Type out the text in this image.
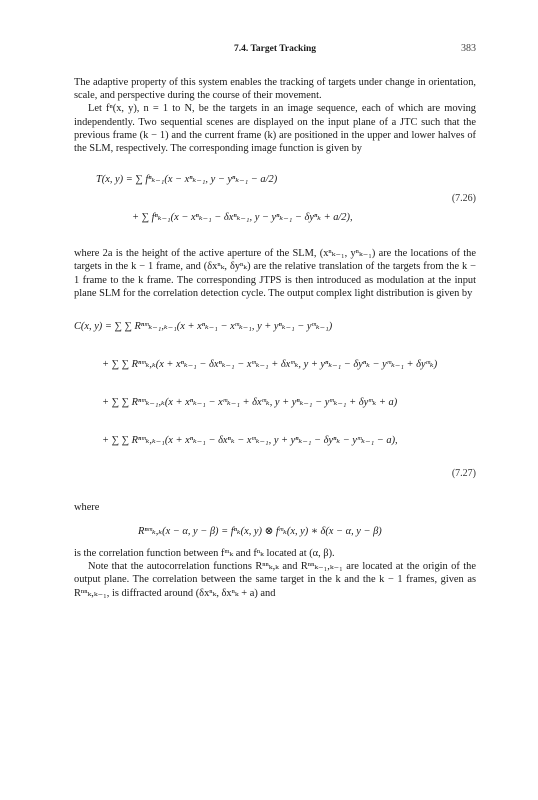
7.4. Target Tracking	383

The adaptive property of this system enables the tracking of targets under change in orientation, scale, and perspective during the course of their movement.

Let fⁿ(x, y), n = 1 to N, be the targets in an image sequence, each of which are moving independently. Two sequential scenes are displayed on the input plane of a JTC such that the previous frame (k − 1) and the current frame (k) are positioned in the upper and lower halves of the SLM, respectively. The corresponding image function is given by

T(x, y) = ∑ fⁿₖ₋₁(x − xⁿₖ₋₁, y − yⁿₖ₋₁ − a/2)
+ ∑ fⁿₖ₋₁(x − xⁿₖ₋₁ − δxⁿₖ₋₁, y − yⁿₖ₋₁ − δyⁿₖ + a/2),
(7.26)

where 2a is the height of the active aperture of the SLM, (xⁿₖ₋₁, yⁿₖ₋₁) are the locations of the targets in the k − 1 frame, and (δxⁿₖ, δyⁿₖ) are the relative translation of the targets from the k − 1 frame to the k frame. The corresponding JTPS is then introduced as modulation at the input plane SLM for the correlation detection cycle. The output complex light distribution is given by

C(x, y) = ∑ ∑ Rⁿᵐₖ₋₁,ₖ₋₁(x + xⁿₖ₋₁ − xᵐₖ₋₁, y + yⁿₖ₋₁ − yᵐₖ₋₁)
+ ∑ ∑ Rⁿᵐₖ,ₖ(x + xⁿₖ₋₁ − δxⁿₖ₋₁ − xᵐₖ₋₁ + δxᵐₖ, y + yⁿₖ₋₁ − δyⁿₖ − yᵐₖ₋₁ + δyᵐₖ)
+ ∑ ∑ Rⁿᵐₖ₋₁,ₖ(x + xⁿₖ₋₁ − xᵐₖ₋₁ + δxᵐₖ, y + yⁿₖ₋₁ − yᵐₖ₋₁ + δyᵐₖ + a)
+ ∑ ∑ Rⁿᵐₖ,ₖ₋₁(x + xⁿₖ₋₁ − δxⁿₖ − xᵐₖ₋₁, y + yⁿₖ₋₁ − δyⁿₖ − yᵐₖ₋₁ − a),
(7.27)
where
Rⁿᵐₖ,ₖ(x − α, y − β) = fⁿₖ(x, y) ⊗ fᵐₖ(x, y) ∗ δ(x − α, y − β)

is the correlation function between fᵐₖ and fⁿₖ located at (α, β).

Note that the autocorrelation functions Rⁿⁿₖ,ₖ and Rⁿⁿₖ₋₁,ₖ₋₁ are located at the origin of the output plane. The correlation between the same target in the k and the k − 1 frames, given as Rⁿⁿₖ,ₖ₋₁, is diffracted around (δxⁿₖ, δxⁿₖ + a) and
